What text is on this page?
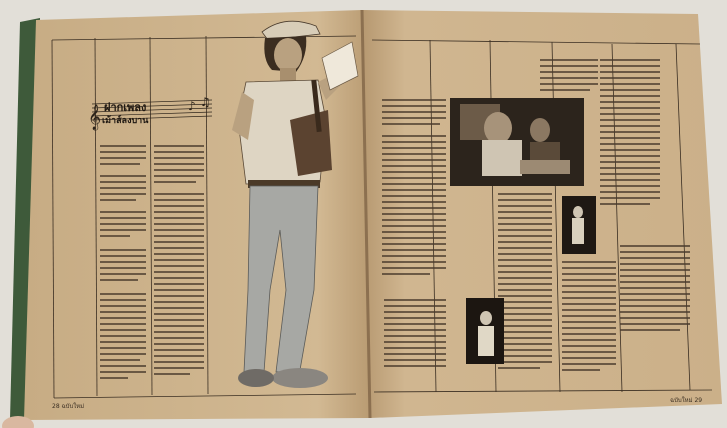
𝄞 ฝากเพลง
เม้าส์ลงบาน
♪ ♫
28 ฉบับใหม่
ฉบับใหม่ 29
